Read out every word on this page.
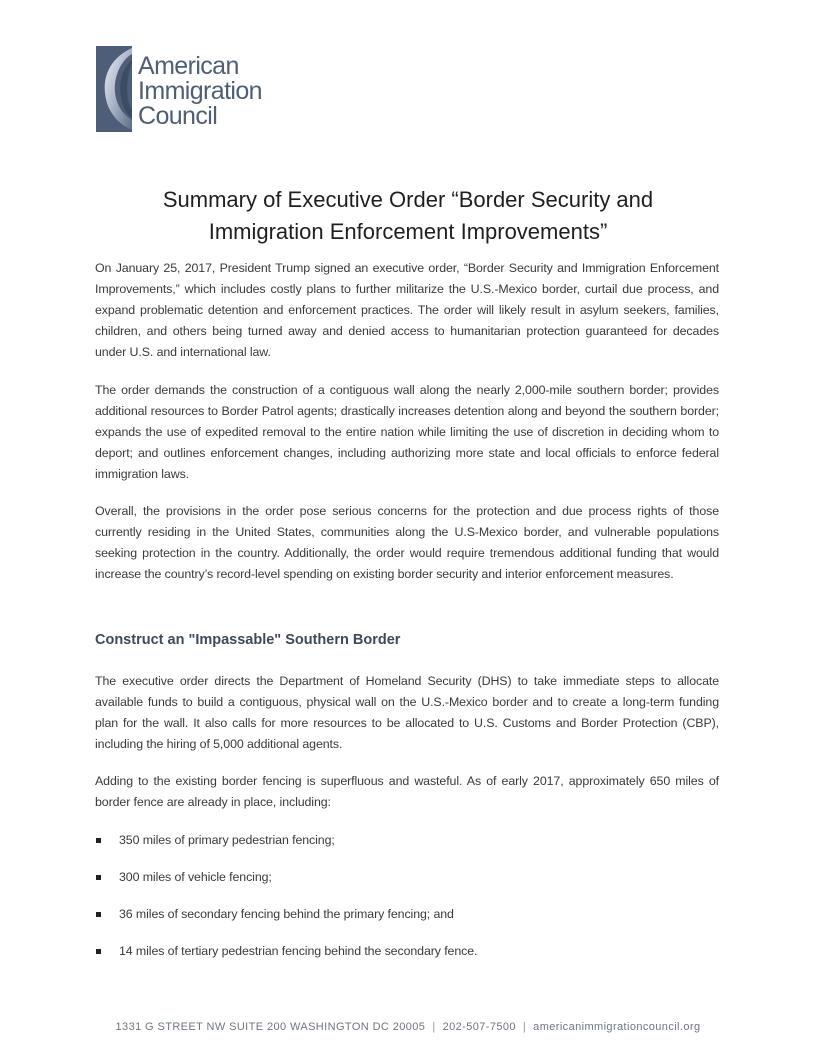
American
Immigration
Council
Summary of Executive Order “Border Security and
Immigration Enforcement Improvements”

On January 25, 2017, President Trump signed an executive order, “Border Security and Immigration Enforcement Improvements,” which includes costly plans to further militarize the U.S.-Mexico border, curtail due process, and expand problematic detention and enforcement practices. The order will likely result in asylum seekers, families, children, and others being turned away and denied access to humanitarian protection guaranteed for decades under U.S. and international law.

The order demands the construction of a contiguous wall along the nearly 2,000-mile southern border; provides additional resources to Border Patrol agents; drastically increases detention along and beyond the southern border; expands the use of expedited removal to the entire nation while limiting the use of discretion in deciding whom to deport; and outlines enforcement changes, including authorizing more state and local officials to enforce federal immigration laws.

Overall, the provisions in the order pose serious concerns for the protection and due process rights of those currently residing in the United States, communities along the U.S-Mexico border, and vulnerable populations seeking protection in the country. Additionally, the order would require tremendous additional funding that would increase the country’s record-level spending on existing border security and interior enforcement measures.

Construct an "Impassable" Southern Border

The executive order directs the Department of Homeland Security (DHS) to take immediate steps to allocate available funds to build a contiguous, physical wall on the U.S.-Mexico border and to create a long-term funding plan for the wall. It also calls for more resources to be allocated to U.S. Customs and Border Protection (CBP), including the hiring of 5,000 additional agents.

Adding to the existing border fencing is superfluous and wasteful. As of early 2017, approximately 650 miles of border fence are already in place, including:

350 miles of primary pedestrian fencing;
300 miles of vehicle fencing;
36 miles of secondary fencing behind the primary fencing; and
14 miles of tertiary pedestrian fencing behind the secondary fence.
1331 G STREET NW SUITE 200 WASHINGTON DC 20005 | 202-507-7500 | americanimmigrationcouncil.org
